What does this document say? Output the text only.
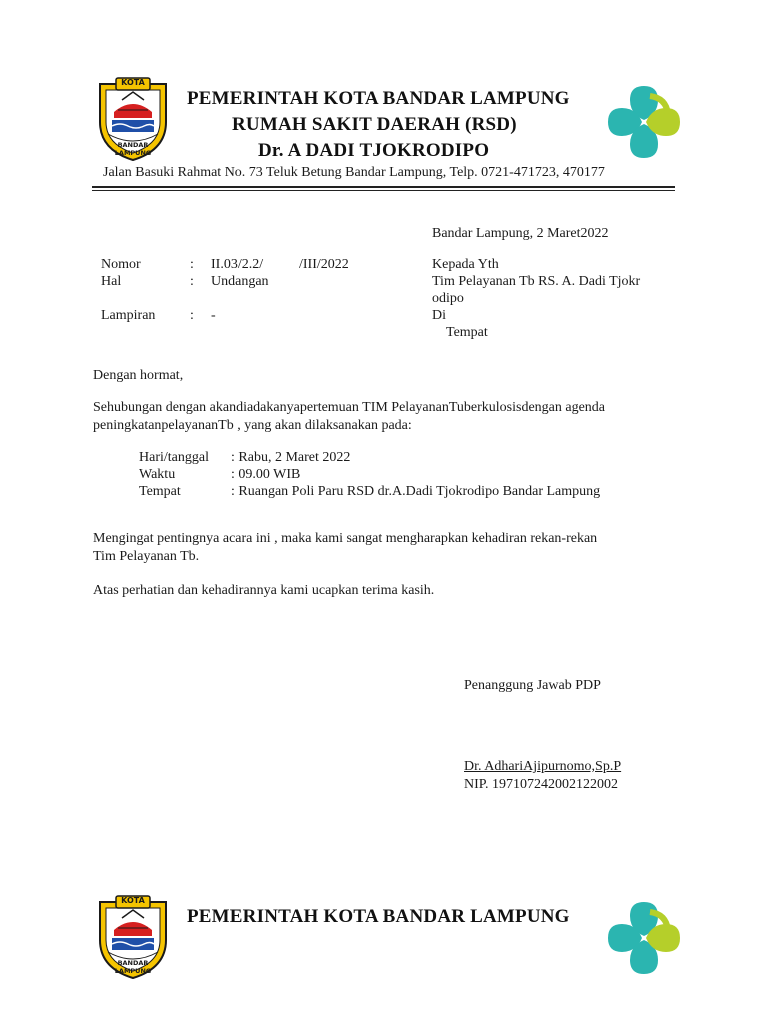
KOTA
BANDAR LAMPUNG
PEMERINTAH KOTA BANDAR LAMPUNG
RUMAH SAKIT DAERAH (RSD)
Dr. A DADI TJOKRODIPO
Jalan Basuki Rahmat No. 73 Teluk Betung Bandar Lampung, Telp. 0721-471723, 470177
Bandar Lampung, 2 Maret2022
Nomor	: II.03/2.2/	/III/2022
Hal	: Undangan
Lampiran : -
Kepada Yth
Tim Pelayanan Tb RS. A. Dadi Tjokr
odipo
Di
Tempat
Dengan hormat,
Sehubungan dengan akandiadakanyapertemuan TIM PelayananTuberkulosisdengan agenda
peningkatanpelayananTb , yang akan dilaksanakan pada:
Hari/tanggal : Rabu, 2 Maret 2022
Waktu	: 09.00 WIB
Tempat	: Ruangan Poli Paru RSD dr.A.Dadi Tjokrodipo Bandar Lampung
Mengingat pentingnya acara ini , maka kami sangat mengharapkan kehadiran rekan-rekan
Tim Pelayanan Tb.
Atas perhatian dan kehadirannya kami ucapkan terima kasih.
Penanggung Jawab PDP
Dr. AdhariAjipurnomo,Sp.P
NIP. 197107242002122002
KOTA
BANDAR LAMPUNG
PEMERINTAH KOTA BANDAR LAMPUNG
